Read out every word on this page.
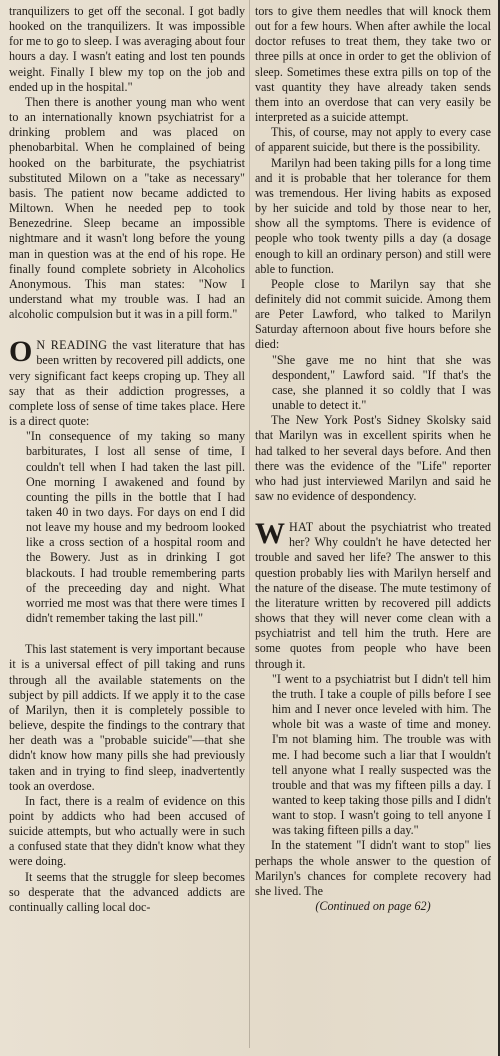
tranquilizers to get off the seconal. I got badly hooked on the tranquilizers. It was impossible for me to go to sleep. I was averaging about four hours a day. I wasn't eating and lost ten pounds weight. Finally I blew my top on the job and ended up in the hospital."

Then there is another young man who went to an internationally known psychiatrist for a drinking problem and was placed on phenobarbital. When he complained of being hooked on the barbiturate, the psychiatrist substituted Milown on a "take as necessary" basis. The patient now became addicted to Miltown. When he needed pep to took Benezedrine. Sleep became an impossible nightmare and it wasn't long before the young man in question was at the end of his rope. He finally found complete sobriety in Alcoholics Anonymous. This man states: "Now I understand what my trouble was. I had an alcoholic compulsion but it was in a pill form."

O N READING the vast literature that has been written by recovered pill addicts, one very significant fact keeps croping up. They all say that as their addiction progresses, a complete loss of sense of time takes place. Here is a direct quote:

"In consequence of my taking so many barbiturates, I lost all sense of time, I couldn't tell when I had taken the last pill. One morning I awakened and found by counting the pills in the bottle that I had taken 40 in two days. For days on end I did not leave my house and my bedroom looked like a cross section of a hospital room and the Bowery. Just as in drinking I got blackouts. I had trouble remembering parts of the preceeding day and night. What worried me most was that there were times I didn't remember taking the last pill."

This last statement is very important because it is a universal effect of pill taking and runs through all the available statements on the subject by pill addicts. If we apply it to the case of Marilyn, then it is completely possible to believe, despite the findings to the contrary that her death was a "probable suicide"—that she didn't know how many pills she had previously taken and in trying to find sleep, inadvertently took an overdose.

In fact, there is a realm of evidence on this point by addicts who had been accused of suicide attempts, but who actually were in such a confused state that they didn't know what they were doing.

It seems that the struggle for sleep becomes so desperate that the advanced addicts are continually calling local doc-

tors to give them needles that will knock them out for a few hours. When after awhile the local doctor refuses to treat them, they take two or three pills at once in order to get the oblivion of sleep. Sometimes these extra pills on top of the vast quantity they have already taken sends them into an overdose that can very easily be interpreted as a suicide attempt.

This, of course, may not apply to every case of apparent suicide, but there is the possibility.

Marilyn had been taking pills for a long time and it is probable that her tolerance for them was tremendous. Her living habits as exposed by her suicide and told by those near to her, show all the symptoms. There is evidence of people who took twenty pills a day (a dosage enough to kill an ordinary person) and still were able to function.

People close to Marilyn say that she definitely did not commit suicide. Among them are Peter Lawford, who talked to Marilyn Saturday afternoon about five hours before she died:

"She gave me no hint that she was despondent," Lawford said. "If that's the case, she planned it so coldly that I was unable to detect it."

The New York Post's Sidney Skolsky said that Marilyn was in excellent spirits when he had talked to her several days before. And then there was the evidence of the "Life" reporter who had just interviewed Marilyn and said he saw no evidence of despondency.

WHAT about the psychiatrist who treated her? Why couldn't he have detected her trouble and saved her life? The answer to this question probably lies with Marilyn herself and the nature of the disease. The mute testimony of the literature written by recovered pill addicts shows that they will never come clean with a psychiatrist and tell him the truth. Here are some quotes from people who have been through it.

"I went to a psychiatrist but I didn't tell him the truth. I take a couple of pills before I see him and I never once leveled with him. The whole bit was a waste of time and money. I'm not blaming him. The trouble was with me. I had become such a liar that I wouldn't tell anyone what I really suspected was the trouble and that was my fifteen pills a day. I wanted to keep taking those pills and I didn't want to stop. I wasn't going to tell anyone I was taking fifteen pills a day."

In the statement "I didn't want to stop" lies perhaps the whole answer to the question of Marilyn's chances for complete recovery had she lived. The

(Continued on page 62)
